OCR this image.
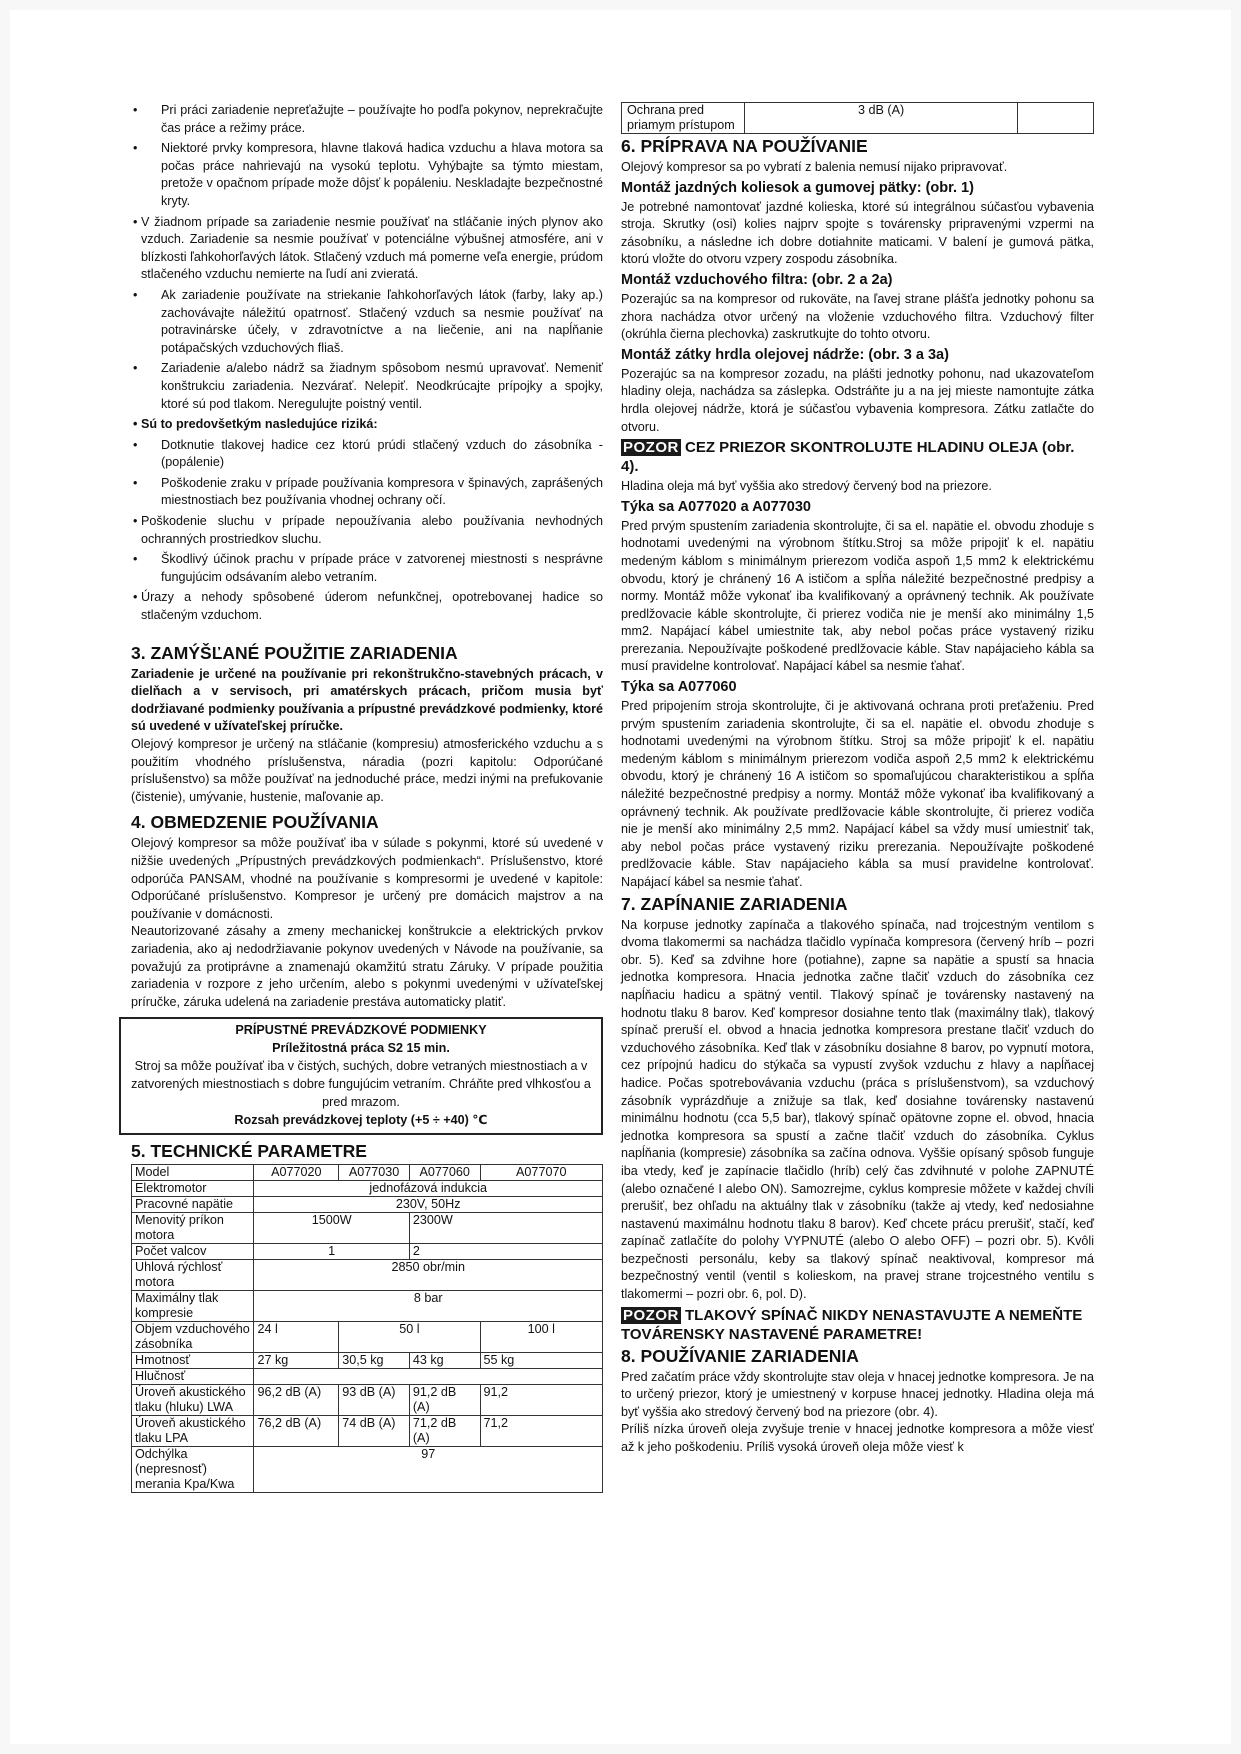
• Pri práci zariadenie nepreťažujte – používajte ho podľa pokynov, neprekračujte čas práce a režimy práce.
• Niektoré prvky kompresora, hlavne tlaková hadica vzduchu a hlava motora sa počas práce nahrievajú na vysokú teplotu. Vyhýbajte sa týmto miestam, pretože v opačnom prípade može dôjsť k popáleniu. Neskladajte bezpečnostné kryty.
• V žiadnom prípade sa zariadenie nesmie používať na stláčanie iných plynov ako vzduch. Zariadenie sa nesmie používať v potenciálne výbušnej atmosfére, ani v blízkosti ľahkohorľavých látok. Stlačený vzduch má pomerne veľa energie, prúdom stlačeného vzduchu nemierte na ľudí ani zvieratá.
• Ak zariadenie používate na striekanie ľahkohorľavých látok (farby, laky ap.) zachovávajte náležitú opatrnosť. Stlačený vzduch sa nesmie používať na potravinárske účely, v zdravotníctve a na liečenie, ani na napĺňanie potápačských vzduchových fliaš.
• Zariadenie a/alebo nádrž sa žiadnym spôsobom nesmú upravovať. Nemeniť konštrukciu zariadenia. Nezvárať. Nelepiť. Neodkrúcajte prípojky a spojky, ktoré sú pod tlakom. Neregulujte poistný ventil.
• Sú to predovšetkým nasledujúce riziká:
• Dotknutie tlakovej hadice cez ktorú prúdi stlačený vzduch do zásobníka - (popálenie)
• Poškodenie zraku v prípade používania kompresora v špinavých, zaprášených miestnostiach bez používania vhodnej ochrany očí.
• Poškodenie sluchu v prípade nepoužívania alebo používania nevhodných ochranných prostriedkov sluchu.
• Škodlivý účinok prachu v prípade práce v zatvorenej miestnosti s nesprávne fungujúcim odsávaním alebo vetraním.
• Úrazy a nehody spôsobené úderom nefunkčnej, opotrebovanej hadice so stlačeným vzduchom.
3. ZAMÝŠĽANÉ POUŽITIE ZARIADENIA

Zariadenie je určené na používanie pri rekonštrukčno-stavebných prácach, v dielňach a v servisoch, pri amatérskych prácach, pričom musia byť dodržiavané podmienky používania a prípustné prevádzkové podmienky, ktoré sú uvedené v užívateľskej príručke.

Olejový kompresor je určený na stláčanie (kompresiu) atmosferického vzduchu a s použitím vhodného príslušenstva, náradia (pozri kapitolu: Odporúčané príslušenstvo) sa môže používať na jednoduché práce, medzi inými na prefukovanie (čistenie), umývanie, hustenie, maľovanie ap.

4. OBMEDZENIE POUŽÍVANIA

Olejový kompresor sa môže používať iba v súlade s pokynmi, ktoré sú uvedené v nižšie uvedených „Prípustných prevádzkových podmienkach“. Príslušenstvo, ktoré odporúča PANSAM, vhodné na používanie s kompresormi je uvedené v kapitole: Odporúčané príslušenstvo. Kompresor je určený pre domácich majstrov a na používanie v domácnosti.

Neautorizované zásahy a zmeny mechanickej konštrukcie a elektrických prvkov zariadenia, ako aj nedodržiavanie pokynov uvedených v Návode na používanie, sa považujú za protiprávne a znamenajú okamžitú stratu Záruky. V prípade použitia zariadenia v rozpore z jeho určením, alebo s pokynmi uvedenými v užívateľskej príručke, záruka udelená na zariadenie prestáva automaticky platiť.

PRÍPUSTNÉ PREVÁDZKOVÉ PODMIENKY
Príležitostná práca S2 15 min.
Stroj sa môže používať iba v čistých, suchých, dobre vetraných miestnostiach a v zatvorených miestnostiach s dobre fungujúcim vetraním. Chráňte pred vlhkosťou a pred mrazom.
Rozsah prevádzkovej teploty (+5 ÷ +40) ℃
5. TECHNICKÉ PARAMETRE
Model	A077020	A077030	A077060	A077070
Elektromotor	jednofázová indukcia			
Pracovné napätie	230V, 50Hz			
Menovitý príkon motora	1500W		2300W	
Počet valcov	1		2	
Uhlová rýchlosť motora	2850 obr/min			
Maximálny tlak kompresie	8 bar			
Objem vzduchového zásobníka	24 l	50 l		100 l
Hmotnosť	27 kg	30,5 kg	43 kg	55 kg
Hlučnosť				
Úroveň akustického tlaku (hluku) LWA	96,2 dB (A)	93 dB (A)	91,2 dB (A)	91,2
Úroveň akustického tlaku LPA	76,2 dB (A)	74 dB (A)	71,2 dB (A)	71,2
Odchýlka (nepresnosť) merania Kpa/Kwa	97			
Ochrana pred priamym prístupom	3 dB (A)	
6. PRÍPRAVA NA POUŽÍVANIE

Olejový kompresor sa po vybratí z balenia nemusí nijako pripravovať.

Montáž jazdných koliesok a gumovej pätky: (obr. 1)

Je potrebné namontovať jazdné kolieska, ktoré sú integrálnou súčasťou vybavenia stroja. Skrutky (osi) kolies najprv spojte s továrensky pripravenými vzpermi na zásobníku, a následne ich dobre dotiahnite maticami. V balení je gumová pätka, ktorú vložte do otvoru vzpery zospodu zásobníka.

Montáž vzduchového filtra: (obr. 2 a 2a)

Pozerajúc sa na kompresor od rukoväte, na ľavej strane plášťa jednotky pohonu sa zhora nachádza otvor určený na vloženie vzduchového filtra. Vzduchový filter (okrúhla čierna plechovka) zaskrutkujte do tohto otvoru.

Montáž zátky hrdla olejovej nádrže: (obr. 3 a 3a)

Pozerajúc sa na kompresor zozadu, na plášti jednotky pohonu, nad ukazovateľom hladiny oleja, nachádza sa záslepka. Odstráňte ju a na jej mieste namontujte zátka hrdla olejovej nádrže, ktorá je súčasťou vybavenia kompresora. Zátku zatlačte do otvoru.

POZOR CEZ PRIEZOR SKONTROLUJTE HLADINU OLEJA (obr. 4).

Hladina oleja má byť vyššia ako stredový červený bod na priezore.

Týka sa A077020 a A077030

Pred prvým spustením zariadenia skontrolujte, či sa el. napätie el. obvodu zhoduje s hodnotami uvedenými na výrobnom štítku.Stroj sa môže pripojiť k el. napätiu medeným káblom s minimálnym prierezom vodiča aspoň 1,5 mm2 k elektrickému obvodu, ktorý je chránený 16 A ističom a spĺňa náležité bezpečnostné predpisy a normy. Montáž môže vykonať iba kvalifikovaný a oprávnený technik. Ak používate predlžovacie káble skontrolujte, či prierez vodiča nie je menší ako minimálny 1,5 mm2. Napájací kábel umiestnite tak, aby nebol počas práce vystavený riziku prerezania. Nepoužívajte poškodené predlžovacie káble. Stav napájacieho kábla sa musí pravidelne kontrolovať. Napájací kábel sa nesmie ťahať.

Týka sa A077060

Pred pripojením stroja skontrolujte, či je aktivovaná ochrana proti preťaženiu. Pred prvým spustením zariadenia skontrolujte, či sa el. napätie el. obvodu zhoduje s hodnotami uvedenými na výrobnom štítku. Stroj sa môže pripojiť k el. napätiu medeným káblom s minimálnym prierezom vodiča aspoň 2,5 mm2 k elektrickému obvodu, ktorý je chránený 16 A ističom so spomaľujúcou charakteristikou a spĺňa náležité bezpečnostné predpisy a normy. Montáž môže vykonať iba kvalifikovaný a oprávnený technik. Ak používate predlžovacie káble skontrolujte, či prierez vodiča nie je menší ako minimálny 2,5 mm2. Napájací kábel sa vždy musí umiestniť tak, aby nebol počas práce vystavený riziku prerezania. Nepoužívajte poškodené predlžovacie káble. Stav napájacieho kábla sa musí pravidelne kontrolovať. Napájací kábel sa nesmie ťahať.

7. ZAPÍNANIE ZARIADENIA

Na korpuse jednotky zapínača a tlakového spínača, nad trojcestným ventilom s dvoma tlakomermi sa nachádza tlačidlo vypínača kompresora (červený hríb – pozri obr. 5). Keď sa zdvihne hore (potiahne), zapne sa napätie a spustí sa hnacia jednotka kompresora. Hnacia jednotka začne tlačiť vzduch do zásobníka cez napĺňaciu hadicu a spätný ventil. Tlakový spínač je továrensky nastavený na hodnotu tlaku 8 barov. Keď kompresor dosiahne tento tlak (maximálny tlak), tlakový spínač preruší el. obvod a hnacia jednotka kompresora prestane tlačiť vzduch do vzduchového zásobníka. Keď tlak v zásobníku dosiahne 8 barov, po vypnutí motora, cez prípojnú hadicu do stýkača sa vypustí zvyšok vzduchu z hlavy a napĺňacej hadice. Počas spotrebovávania vzduchu (práca s príslušenstvom), sa vzduchový zásobník vyprázdňuje a znižuje sa tlak, keď dosiahne továrensky nastavenú minimálnu hodnotu (cca 5,5 bar), tlakový spínač opätovne zopne el. obvod, hnacia jednotka kompresora sa spustí a začne tlačiť vzduch do zásobníka. Cyklus napĺňania (kompresie) zásobníka sa začína odnova. Vyššie opísaný spôsob funguje iba vtedy, keď je zapínacie tlačidlo (hríb) celý čas zdvihnuté v polohe ZAPNUTÉ (alebo označené I alebo ON). Samozrejme, cyklus kompresie môžete v každej chvíli prerušiť, bez ohľadu na aktuálny tlak v zásobníku (takže aj vtedy, keď nedosiahne nastavenú maximálnu hodnotu tlaku 8 barov). Keď chcete prácu prerušiť, stačí, keď zapínač zatlačíte do polohy VYPNUTÉ (alebo O alebo OFF) – pozri obr. 5). Kvôli bezpečnosti personálu, keby sa tlakový spínač neaktivoval, kompresor má bezpečnostný ventil (ventil s kolieskom, na pravej strane trojcestného ventilu s tlakomermi – pozri obr. 6, pol. D).

POZOR TLAKOVÝ SPÍNAČ NIKDY NENASTAVUJTE A NEMEŇTE TOVÁRENSKY NASTAVENÉ PARAMETRE!
8. POUŽÍVANIE ZARIADENIA

Pred začatím práce vždy skontrolujte stav oleja v hnacej jednotke kompresora. Je na to určený priezor, ktorý je umiestnený v korpuse hnacej jednotky. Hladina oleja má byť vyššia ako stredový červený bod na priezore (obr. 4).

Príliš nízka úroveň oleja zvyšuje trenie v hnacej jednotke kompresora a môže viesť až k jeho poškodeniu. Príliš vysoká úroveň oleja môže viesť k
